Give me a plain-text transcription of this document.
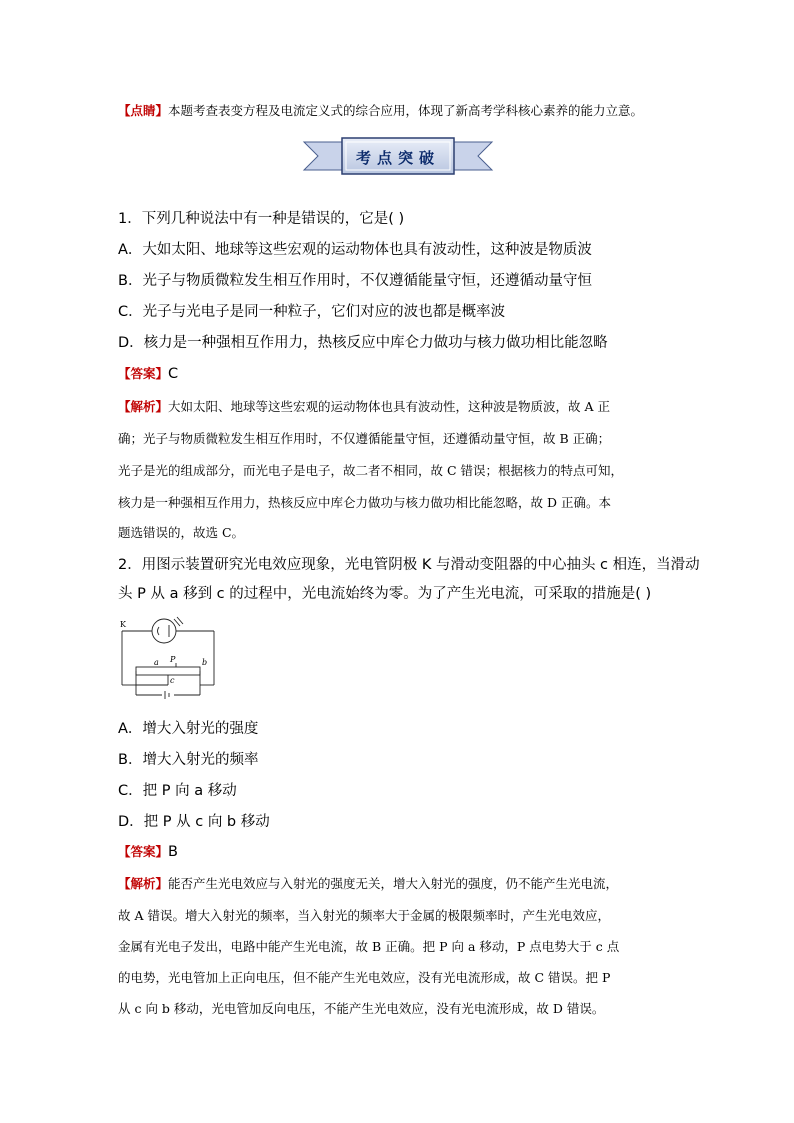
【点睛】本题考查表变方程及电流定义式的综合应用，体现了新高考学科核心素养的能力立意。
考点突破
1．下列几种说法中有一种是错误的，它是( )
A．大如太阳、地球等这些宏观的运动物体也具有波动性，这种波是物质波
B．光子与物质微粒发生相互作用时，不仅遵循能量守恒，还遵循动量守恒
C．光子与光电子是同一种粒子，它们对应的波也都是概率波
D．核力是一种强相互作用力，热核反应中库仑力做功与核力做功相比能忽略
【答案】C
【解析】大如太阳、地球等这些宏观的运动物体也具有波动性，这种波是物质波，故 A 正
确；光子与物质微粒发生相互作用时，不仅遵循能量守恒，还遵循动量守恒，故 B 正确；
光子是光的组成部分，而光电子是电子，故二者不相同，故 C 错误；根据核力的特点可知，
核力是一种强相互作用力，热核反应中库仑力做功与核力做功相比能忽略，故 D 正确。本
题选错误的，故选 C。
2．用图示装置研究光电效应现象，光电管阴极 K 与滑动变阻器的中心抽头 c 相连，当滑动
头 P 从 a 移到 c 的过程中，光电流始终为零。为了产生光电流，可采取的措施是( )
K
a P	b
c
A．增大入射光的强度
B．增大入射光的频率
C．把 P 向 a 移动
D．把 P 从 c 向 b 移动
【答案】B
【解析】能否产生光电效应与入射光的强度无关，增大入射光的强度，仍不能产生光电流，
故 A 错误。增大入射光的频率，当入射光的频率大于金属的极限频率时，产生光电效应，
金属有光电子发出，电路中能产生光电流，故 B 正确。把 P 向 a 移动，P 点电势大于 c 点
的电势，光电管加上正向电压，但不能产生光电效应，没有光电流形成，故 C 错误。把 P
从 c 向 b 移动，光电管加反向电压，不能产生光电效应，没有光电流形成，故 D 错误。
